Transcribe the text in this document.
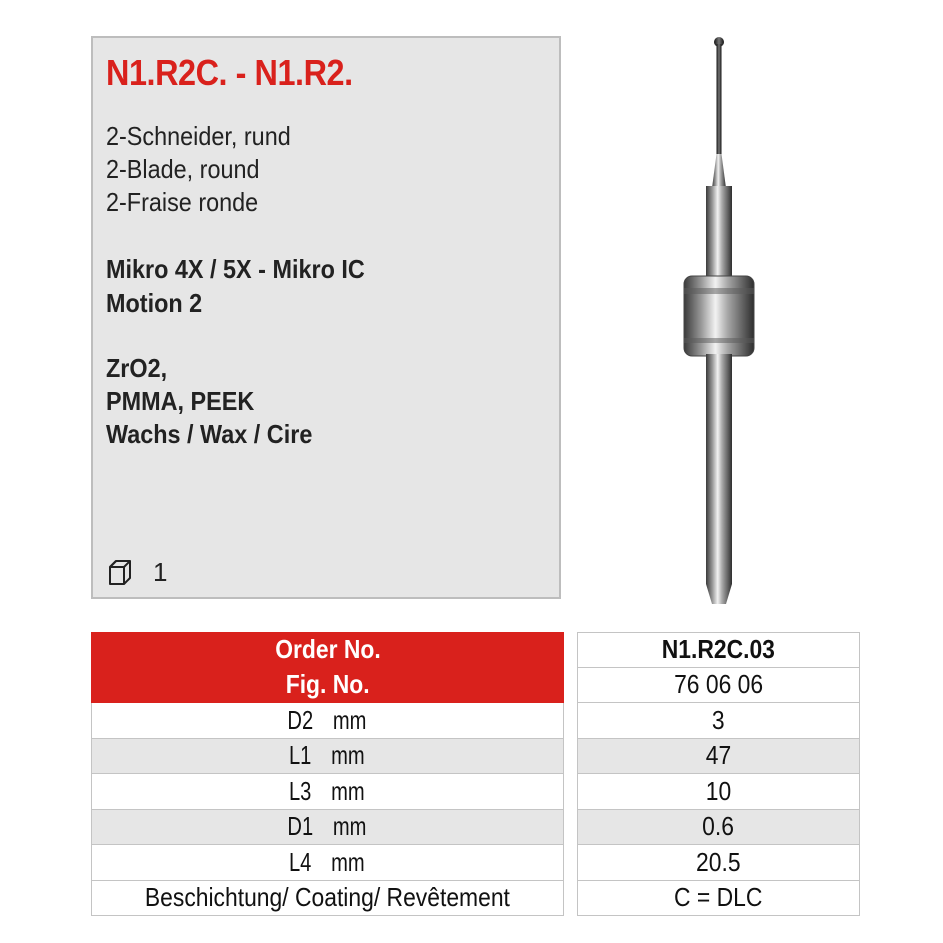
N1.R2C. - N1.R2.
2-Schneider, rund
2-Blade, round
2-Fraise ronde
Mikro 4X / 5X - Mikro IC
Motion 2
ZrO2,
PMMA, PEEK
Wachs / Wax / Cire
1
Order No.
Fig. No.
D2 mm
L1 mm
L3 mm
D1 mm
L4 mm
Beschichtung/ Coating/ Revêtement
N1.R2C.03
76 06 06
3
47
10
0.6
20.5
C = DLC
